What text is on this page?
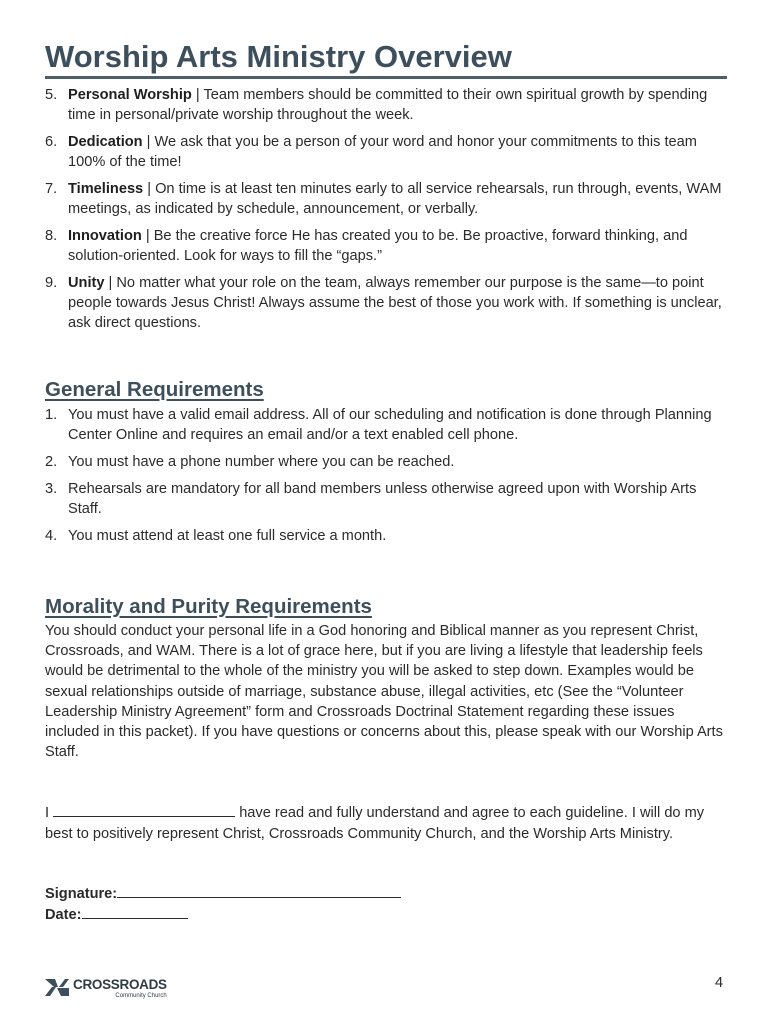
Worship Arts Ministry Overview
5. Personal Worship | Team members should be committed to their own spiritual growth by spending time in personal/private worship throughout the week.
6. Dedication | We ask that you be a person of your word and honor your commitments to this team 100% of the time!
7. Timeliness | On time is at least ten minutes early to all service rehearsals, run through, events, WAM meetings, as indicated by schedule, announcement, or verbally.
8. Innovation | Be the creative force He has created you to be. Be proactive, forward thinking, and solution-oriented. Look for ways to fill the “gaps.”
9. Unity | No matter what your role on the team, always remember our purpose is the same—to point people towards Jesus Christ! Always assume the best of those you work with. If something is unclear, ask direct questions.
General Requirements
1. You must have a valid email address. All of our scheduling and notification is done through Planning Center Online and requires an email and/or a text enabled cell phone.
2. You must have a phone number where you can be reached.
3. Rehearsals are mandatory for all band members unless otherwise agreed upon with Worship Arts Staff.
4. You must attend at least one full service a month.
Morality and Purity Requirements

You should conduct your personal life in a God honoring and Biblical manner as you represent Christ, Crossroads, and WAM. There is a lot of grace here, but if you are living a lifestyle that leadership feels would be detrimental to the whole of the ministry you will be asked to step down. Examples would be sexual relationships outside of marriage, substance abuse, illegal activities, etc (See the “Volunteer Leadership Ministry Agreement” form and Crossroads Doctrinal Statement regarding these issues included in this packet). If you have questions or concerns about this, please speak with our Worship Arts Staff.

I	have read and fully understand and agree to each guideline. I will do my best to positively represent Christ, Crossroads Community Church, and the Worship Arts Ministry.

Signature:
Date:
CROSSROADS
Community Church
4
